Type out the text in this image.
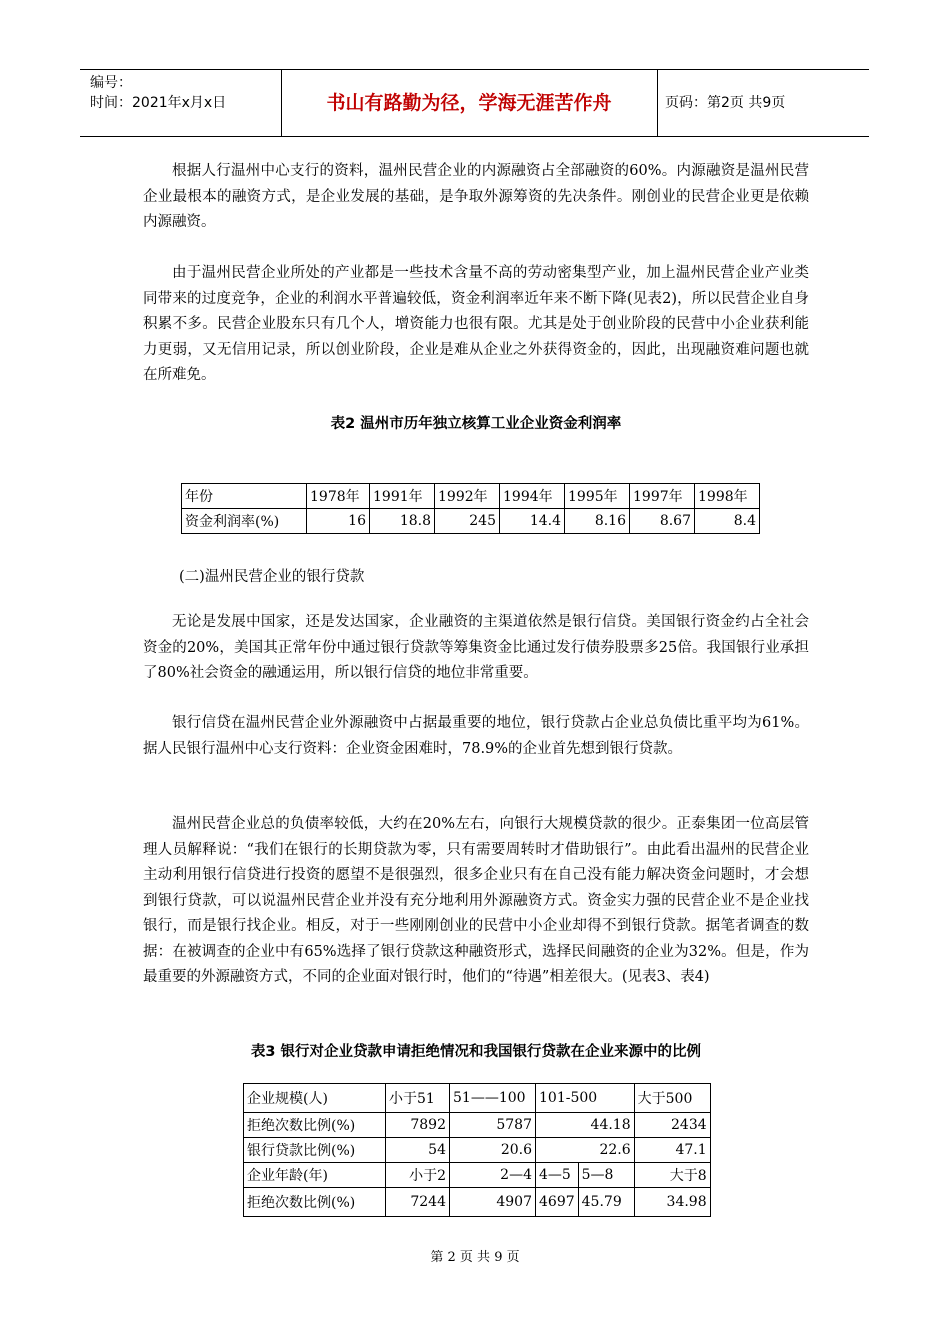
编号：
时间：2021年x月x日	书山有路勤为径，学海无涯苦作舟	页码：第2页 共9页

根据人行温州中心支行的资料，温州民营企业的内源融资占全部融资的60%。内源融资是温州民营企业最根本的融资方式，是企业发展的基础，是争取外源筹资的先决条件。刚创业的民营企业更是依赖内源融资。

由于温州民营企业所处的产业都是一些技术含量不高的劳动密集型产业，加上温州民营企业产业类同带来的过度竞争，企业的利润水平普遍较低，资金利润率近年来不断下降(见表2)，所以民营企业自身积累不多。民营企业股东只有几个人，增资能力也很有限。尤其是处于创业阶段的民营中小企业获利能力更弱，又无信用记录，所以创业阶段，企业是难从企业之外获得资金的，因此，出现融资难问题也就在所难免。

表2 温州市历年独立核算工业企业资金利润率

年份	1978年	1991年	1992年	1994年	1995年	1997年	1998年
资金利润率(%)	16	18.8	245	14.4	8.16	8.67	8.4

(二)温州民营企业的银行贷款

无论是发展中国家，还是发达国家，企业融资的主渠道依然是银行信贷。美国银行资金约占全社会资金的20%，美国其正常年份中通过银行贷款等筹集资金比通过发行债券股票多25倍。我国银行业承担了80%社会资金的融通运用，所以银行信贷的地位非常重要。

银行信贷在温州民营企业外源融资中占据最重要的地位，银行贷款占企业总负债比重平均为61%。据人民银行温州中心支行资料：企业资金困难时，78.9%的企业首先想到银行贷款。

温州民营企业总的负债率较低，大约在20%左右，向银行大规模贷款的很少。正泰集团一位高层管理人员解释说：“我们在银行的长期贷款为零，只有需要周转时才借助银行”。由此看出温州的民营企业主动利用银行信贷进行投资的愿望不是很强烈，很多企业只有在自己没有能力解决资金问题时，才会想到银行贷款，可以说温州民营企业并没有充分地利用外源融资方式。资金实力强的民营企业不是企业找银行，而是银行找企业。相反，对于一些刚刚创业的民营中小企业却得不到银行贷款。据笔者调查的数据：在被调查的企业中有65%选择了银行贷款这种融资形式，选择民间融资的企业为32%。但是，作为最重要的外源融资方式，不同的企业面对银行时，他们的“待遇”相差很大。(见表3、表4)

表3 银行对企业贷款申请拒绝情况和我国银行贷款在企业来源中的比例

企业规模(人)	小于51	51——100	101-500		大于500
拒绝次数比例(%)	7892	5787	44.18		2434
银行贷款比例(%)	54	20.6	22.6		47.1
企业年龄(年)	小于2	2—4	4—5	5—8	大于8
拒绝次数比例(%)	7244	4907	4697	45.79	34.98
第 2 页 共 9 页
